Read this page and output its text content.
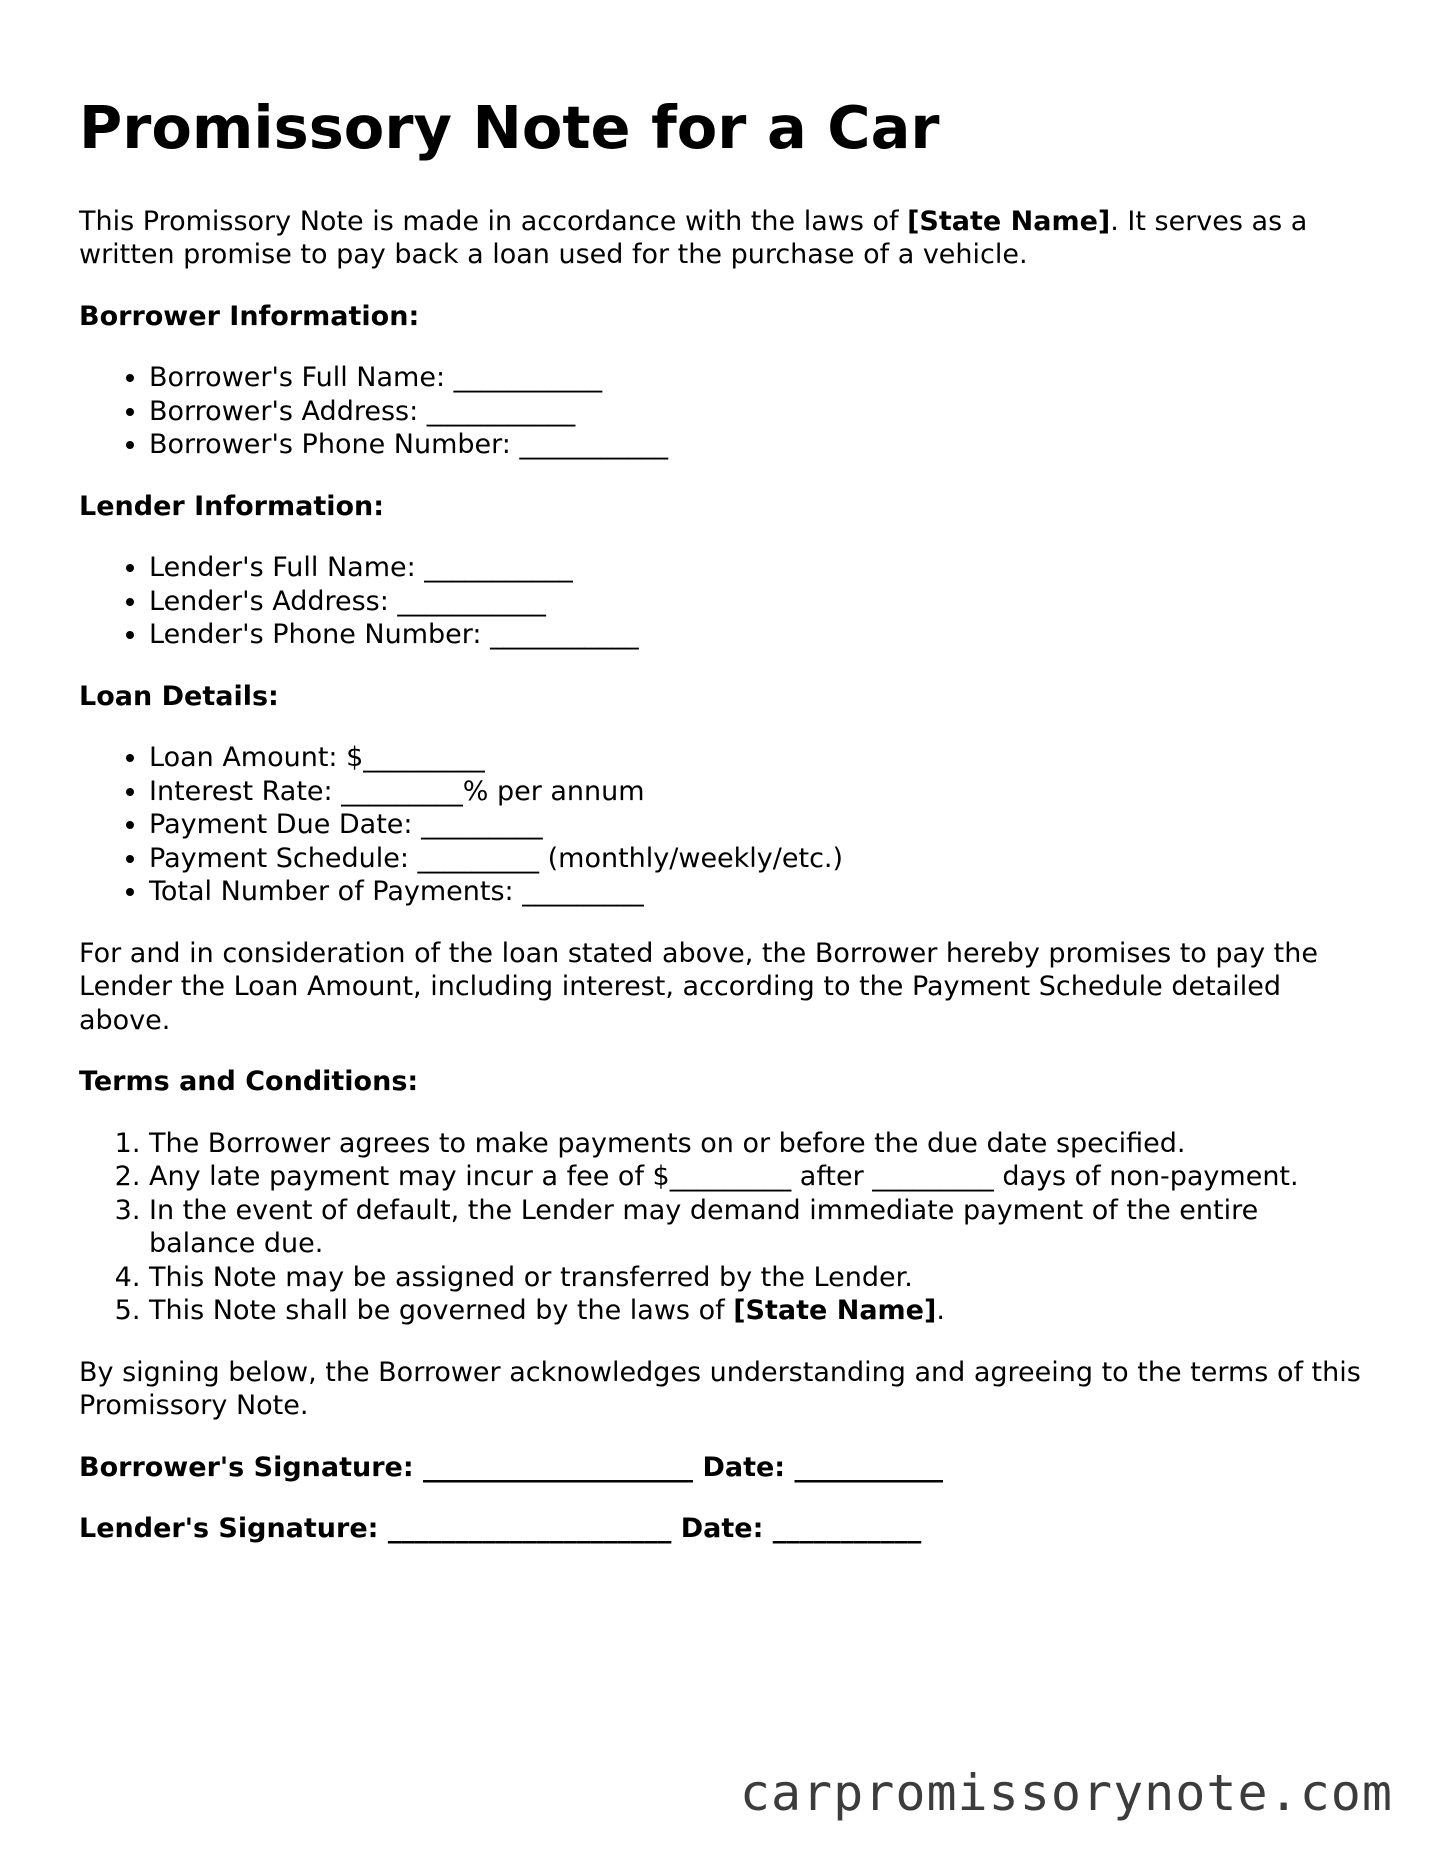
Promissory Note for a Car

This Promissory Note is made in accordance with the laws of [State Name]. It serves as a written promise to pay back a loan used for the purchase of a vehicle.

Borrower Information:
• Borrower's Full Name: ___________
• Borrower's Address: ___________
• Borrower's Phone Number: ___________
Lender Information:
• Lender's Full Name: ___________
• Lender's Address: ___________
• Lender's Phone Number: ___________
Loan Details:
• Loan Amount: $_________
• Interest Rate: _________% per annum
• Payment Due Date: _________
• Payment Schedule: _________ (monthly/weekly/etc.)
• Total Number of Payments: _________

For and in consideration of the loan stated above, the Borrower hereby promises to pay the Lender the Loan Amount, including interest, according to the Payment Schedule detailed above.

Terms and Conditions:
1. The Borrower agrees to make payments on or before the due date specified.
2. Any late payment may incur a fee of $_________ after _________ days of non-payment.
3. In the event of default, the Lender may demand immediate payment of the entire balance due.
4. This Note may be assigned or transferred by the Lender.
5. This Note shall be governed by the laws of [State Name].

By signing below, the Borrower acknowledges understanding and agreeing to the terms of this Promissory Note.

Borrower's Signature: ____________________ Date: ___________
Lender's Signature: _____________________ Date: ___________
carpromissorynote.com
